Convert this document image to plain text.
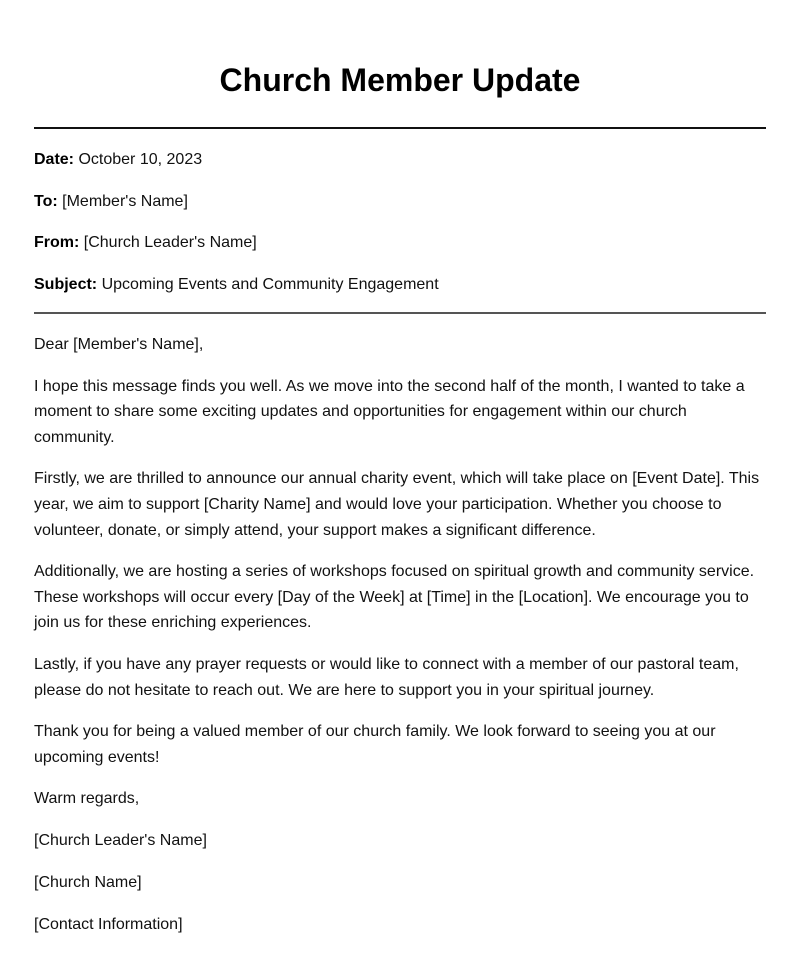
Church Member Update
Date: October 10, 2023
To: [Member's Name]
From: [Church Leader's Name]
Subject: Upcoming Events and Community Engagement

Dear [Member's Name],

I hope this message finds you well. As we move into the second half of the month, I wanted to take a moment to share some exciting updates and opportunities for engagement within our church community.

Firstly, we are thrilled to announce our annual charity event, which will take place on [Event Date]. This year, we aim to support [Charity Name] and would love your participation. Whether you choose to volunteer, donate, or simply attend, your support makes a significant difference.

Additionally, we are hosting a series of workshops focused on spiritual growth and community service. These workshops will occur every [Day of the Week] at [Time] in the [Location]. We encourage you to join us for these enriching experiences.

Lastly, if you have any prayer requests or would like to connect with a member of our pastoral team, please do not hesitate to reach out. We are here to support you in your spiritual journey.

Thank you for being a valued member of our church family. We look forward to seeing you at our upcoming events!

Warm regards,

[Church Leader's Name]

[Church Name]

[Contact Information]
